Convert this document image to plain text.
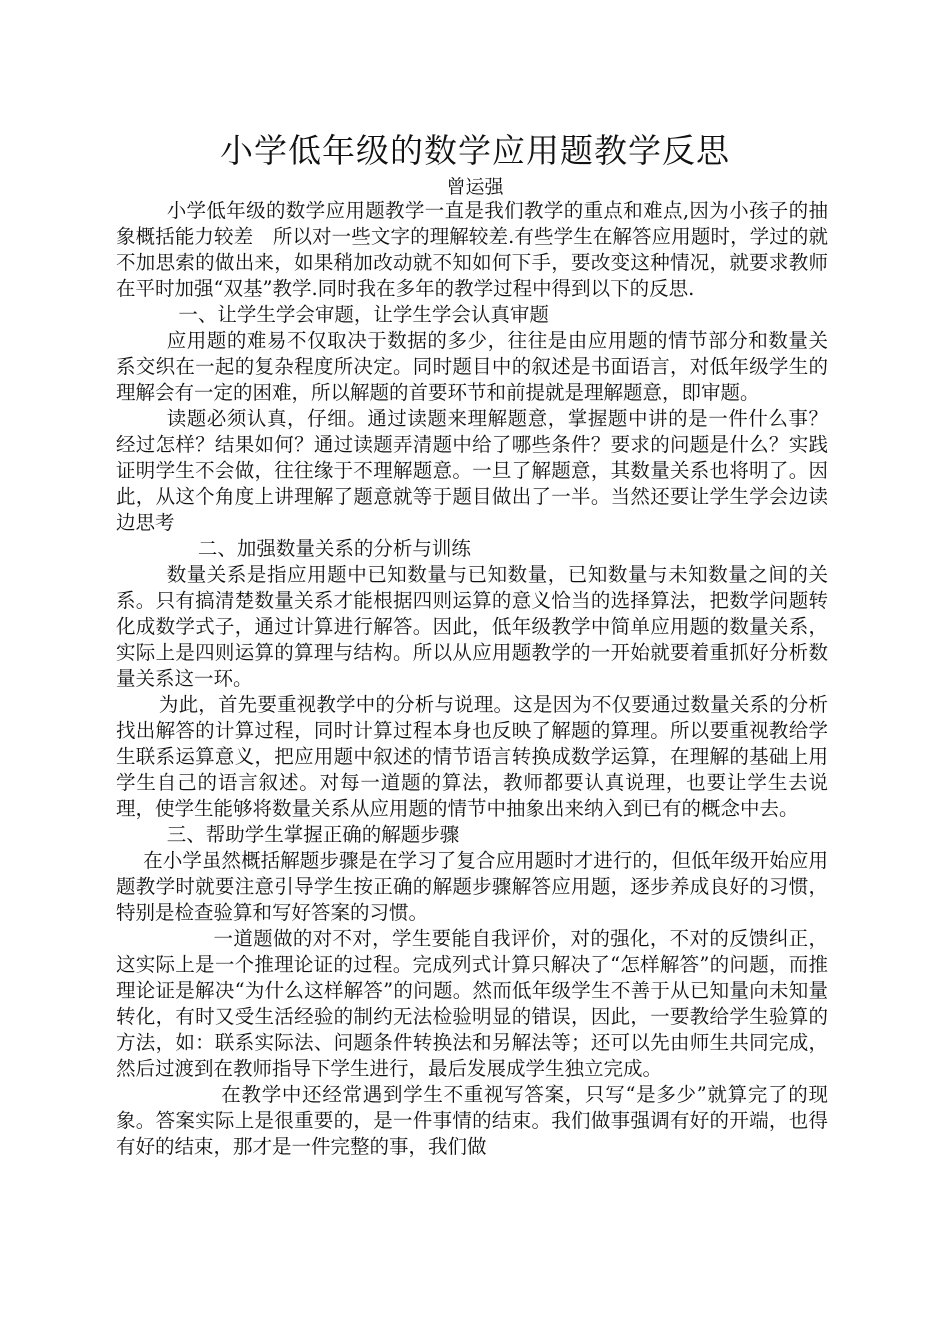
小学低年级的数学应用题教学反思
曾运强

小学低年级的数学应用题教学一直是我们教学的重点和难点,因为小孩子的抽象概括能力较差　所以对一些文字的理解较差.有些学生在解答应用题时，学过的就不加思索的做出来，如果稍加改动就不知如何下手，要改变这种情况，就要求教师在平时加强“双基”教学.同时我在多年的教学过程中得到以下的反思.

一、让学生学会审题，让学生学会认真审题

应用题的难易不仅取决于数据的多少，往往是由应用题的情节部分和数量关系交织在一起的复杂程度所决定。同时题目中的叙述是书面语言，对低年级学生的理解会有一定的困难，所以解题的首要环节和前提就是理解题意，即审题。

读题必须认真，仔细。通过读题来理解题意，掌握题中讲的是一件什么事？经过怎样？结果如何？通过读题弄清题中给了哪些条件？要求的问题是什么？实践证明学生不会做，往往缘于不理解题意。一旦了解题意，其数量关系也将明了。因此，从这个角度上讲理解了题意就等于题目做出了一半。当然还要让学生学会边读边思考

二、加强数量关系的分析与训练

数量关系是指应用题中已知数量与已知数量，已知数量与未知数量之间的关系。只有搞清楚数量关系才能根据四则运算的意义恰当的选择算法，把数学问题转化成数学式子，通过计算进行解答。因此，低年级教学中简单应用题的数量关系，实际上是四则运算的算理与结构。所以从应用题教学的一开始就要着重抓好分析数量关系这一环。

为此，首先要重视教学中的分析与说理。这是因为不仅要通过数量关系的分析找出解答的计算过程，同时计算过程本身也反映了解题的算理。所以要重视教给学生联系运算意义，把应用题中叙述的情节语言转换成数学运算，在理解的基础上用学生自己的语言叙述。对每一道题的算法，教师都要认真说理，也要让学生去说理，使学生能够将数量关系从应用题的情节中抽象出来纳入到已有的概念中去。

三、帮助学生掌握正确的解题步骤

在小学虽然概括解题步骤是在学习了复合应用题时才进行的，但低年级开始应用题教学时就要注意引导学生按正确的解题步骤解答应用题，逐步养成良好的习惯，特别是检查验算和写好答案的习惯。

一道题做的对不对，学生要能自我评价，对的强化，不对的反馈纠正，这实际上是一个推理论证的过程。完成列式计算只解决了“怎样解答”的问题，而推理论证是解决“为什么这样解答”的问题。然而低年级学生不善于从已知量向未知量转化，有时又受生活经验的制约无法检验明显的错误，因此，一要教给学生验算的方法，如：联系实际法、问题条件转换法和另解法等；还可以先由师生共同完成，然后过渡到在教师指导下学生进行，最后发展成学生独立完成。

在教学中还经常遇到学生不重视写答案，只写“是多少”就算完了的现象。答案实际上是很重要的，是一件事情的结束。我们做事强调有好的开端，也得有好的结束，那才是一件完整的事，我们做
